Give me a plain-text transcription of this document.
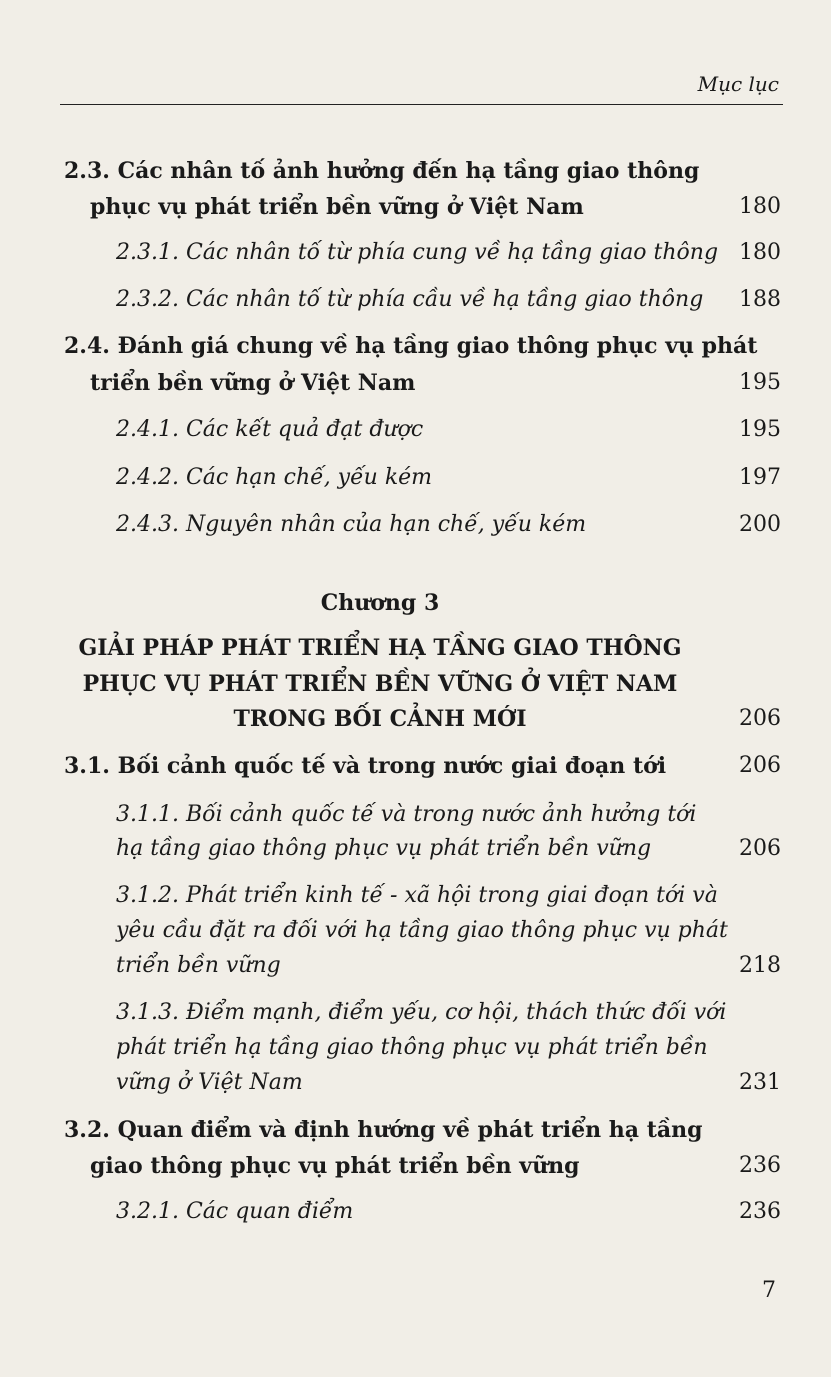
Mục lục
2.3. Các nhân tố ảnh hưởng đến hạ tầng giao thông
phục vụ phát triển bền vững ở Việt Nam	180
2.3.1. Các nhân tố từ phía cung về hạ tầng giao thông 180
2.3.2. Các nhân tố từ phía cầu về hạ tầng giao thông 188
2.4. Đánh giá chung về hạ tầng giao thông phục vụ phát
triển bền vững ở Việt Nam	195
2.4.1. Các kết quả đạt được	195
2.4.2. Các hạn chế, yếu kém	197
2.4.3. Nguyên nhân của hạn chế, yếu kém	200
Chương 3
GIẢI PHÁP PHÁT TRIỂN HẠ TẦNG GIAO THÔNG
PHỤC VỤ PHÁT TRIỂN BỀN VỮNG Ở VIỆT NAM
TRONG BỐI CẢNH MỚI	206
3.1. Bối cảnh quốc tế và trong nước giai đoạn tới	206
3.1.1. Bối cảnh quốc tế và trong nước ảnh hưởng tới
hạ tầng giao thông phục vụ phát triển bền vững	206
3.1.2. Phát triển kinh tế - xã hội trong giai đoạn tới và
yêu cầu đặt ra đối với hạ tầng giao thông phục vụ phát
triển bền vững	218
3.1.3. Điểm mạnh, điểm yếu, cơ hội, thách thức đối với
phát triển hạ tầng giao thông phục vụ phát triển bền
vững ở Việt Nam	231
3.2. Quan điểm và định hướng về phát triển hạ tầng
giao thông phục vụ phát triển bền vững	236
3.2.1. Các quan điểm	236
7
